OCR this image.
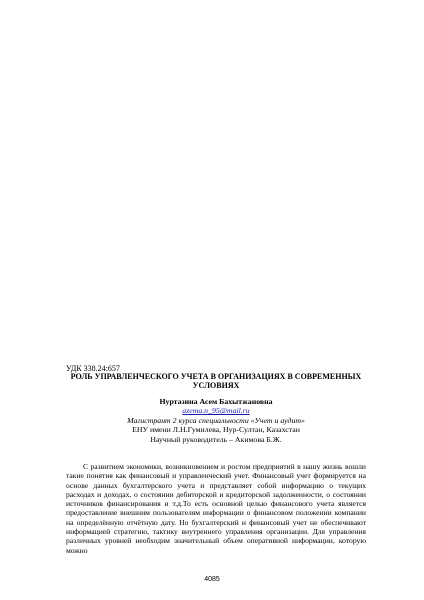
УДК 338.24:657
РОЛЬ УПРАВЛЕНЧЕСКОГО УЧЕТА В ОРГАНИЗАЦИЯХ В СОВРЕМЕННЫХ УСЛОВИЯХ
Нуртазина Асем Бахытжановна
azema.n_95@mail.ru
Магистрант 2 курса специальности «Учет и аудит»
ЕНУ имени Л.Н.Гумилева, Нур-Султан, Казахстан
Научный руководитель – Акимова Б.Ж.

С развитием экономики, возникновением и ростом предприятий в нашу жизнь вошли такие понятия как финансовый и управленческий учет. Финансовый учет формируется на основе данных бухгалтерского учета и представляет собой информацию о текущих расходах и доходах, о состоянии дебиторской и кредиторской задолженности, о состоянии источников финансирования и т.д.То есть основной целью финансового учета является предоставление внешним пользователям информации о финансовом положении компании на определённую отчётную дату. Но бухгалтерский и финансовый учет не обеспечивают информацией стратегию, тактику внутреннего управления организации. Для управления различных уровней необходим значительный объем оперативной информации, которую можно

4085
